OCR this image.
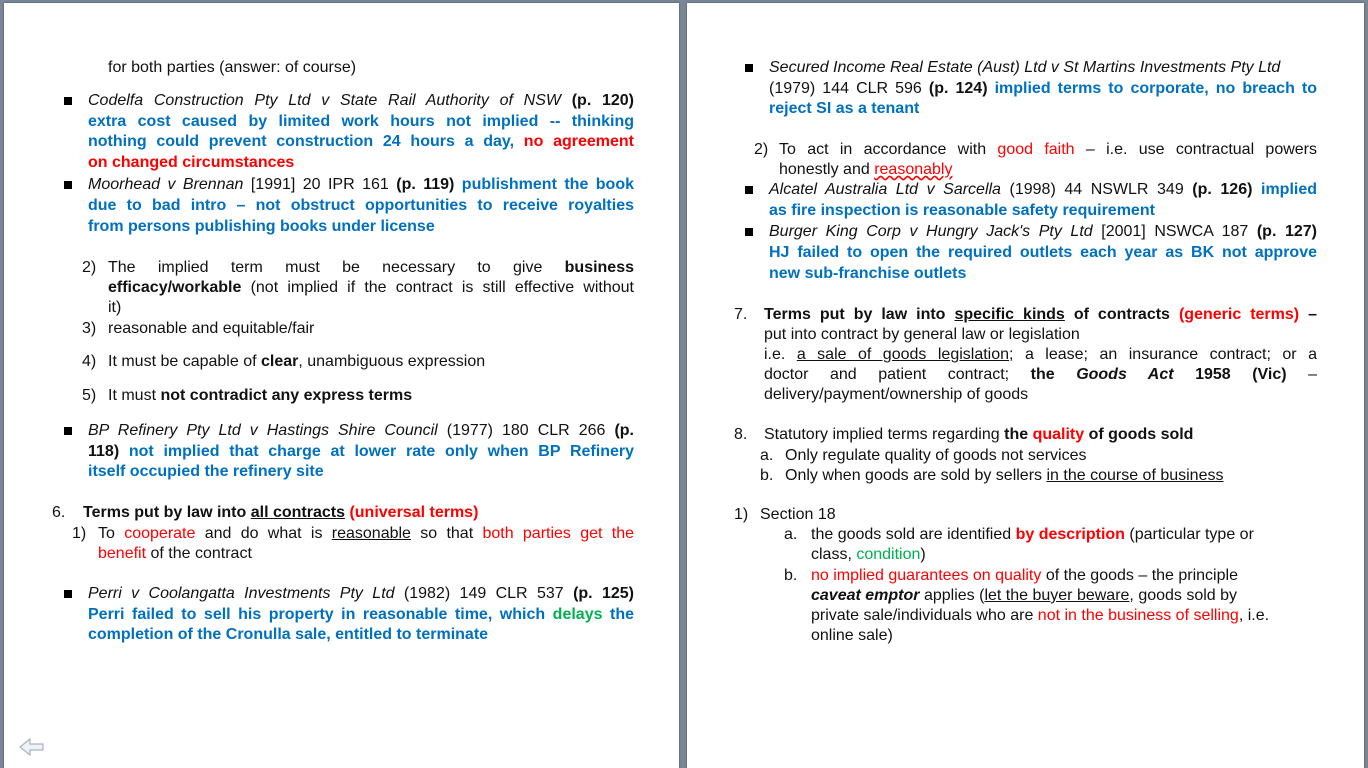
for both parties (answer: of course)
Codelfa Construction Pty Ltd v State Rail Authority of NSW (p. 120)
extra cost caused by limited work hours not implied -- thinking
nothing could prevent construction 24 hours a day, no agreement
on changed circumstances
Moorhead v Brennan [1991] 20 IPR 161 (p. 119) publishment the book
due to bad intro – not obstruct opportunities to receive royalties
from persons publishing books under license
2) The implied term must be necessary to give business
efficacy/workable (not implied if the contract is still effective without
it)
3) reasonable and equitable/fair
4) It must be capable of clear, unambiguous expression
5) It must not contradict any express terms
BP Refinery Pty Ltd v Hastings Shire Council (1977) 180 CLR 266 (p.
118) not implied that charge at lower rate only when BP Refinery
itself occupied the refinery site
6. Terms put by law into all contracts (universal terms)
1) To cooperate and do what is reasonable so that both parties get the
benefit of the contract
Perri v Coolangatta Investments Pty Ltd (1982) 149 CLR 537 (p. 125)
Perri failed to sell his property in reasonable time, which delays the
completion of the Cronulla sale, entitled to terminate
Secured Income Real Estate (Aust) Ltd v St Martins Investments Pty Ltd
(1979) 144 CLR 596 (p. 124) implied terms to corporate, no breach to
reject SI as a tenant
2) To act in accordance with good faith – i.e. use contractual powers
honestly and reasonably
Alcatel Australia Ltd v Sarcella (1998) 44 NSWLR 349 (p. 126) implied
as fire inspection is reasonable safety requirement
Burger King Corp v Hungry Jack's Pty Ltd [2001] NSWCA 187 (p. 127)
HJ failed to open the required outlets each year as BK not approve
new sub-franchise outlets
7. Terms put by law into specific kinds of contracts (generic terms) –
put into contract by general law or legislation
i.e. a sale of goods legislation; a lease; an insurance contract; or a
doctor and patient contract; the Goods Act 1958 (Vic) –
delivery/payment/ownership of goods
8. Statutory implied terms regarding the quality of goods sold
a. Only regulate quality of goods not services
b. Only when goods are sold by sellers in the course of business
1) Section 18
a. the goods sold are identified by description (particular type or
class, condition)
b. no implied guarantees on quality of the goods – the principle
caveat emptor applies (let the buyer beware, goods sold by
private sale/individuals who are not in the business of selling, i.e.
online sale)
